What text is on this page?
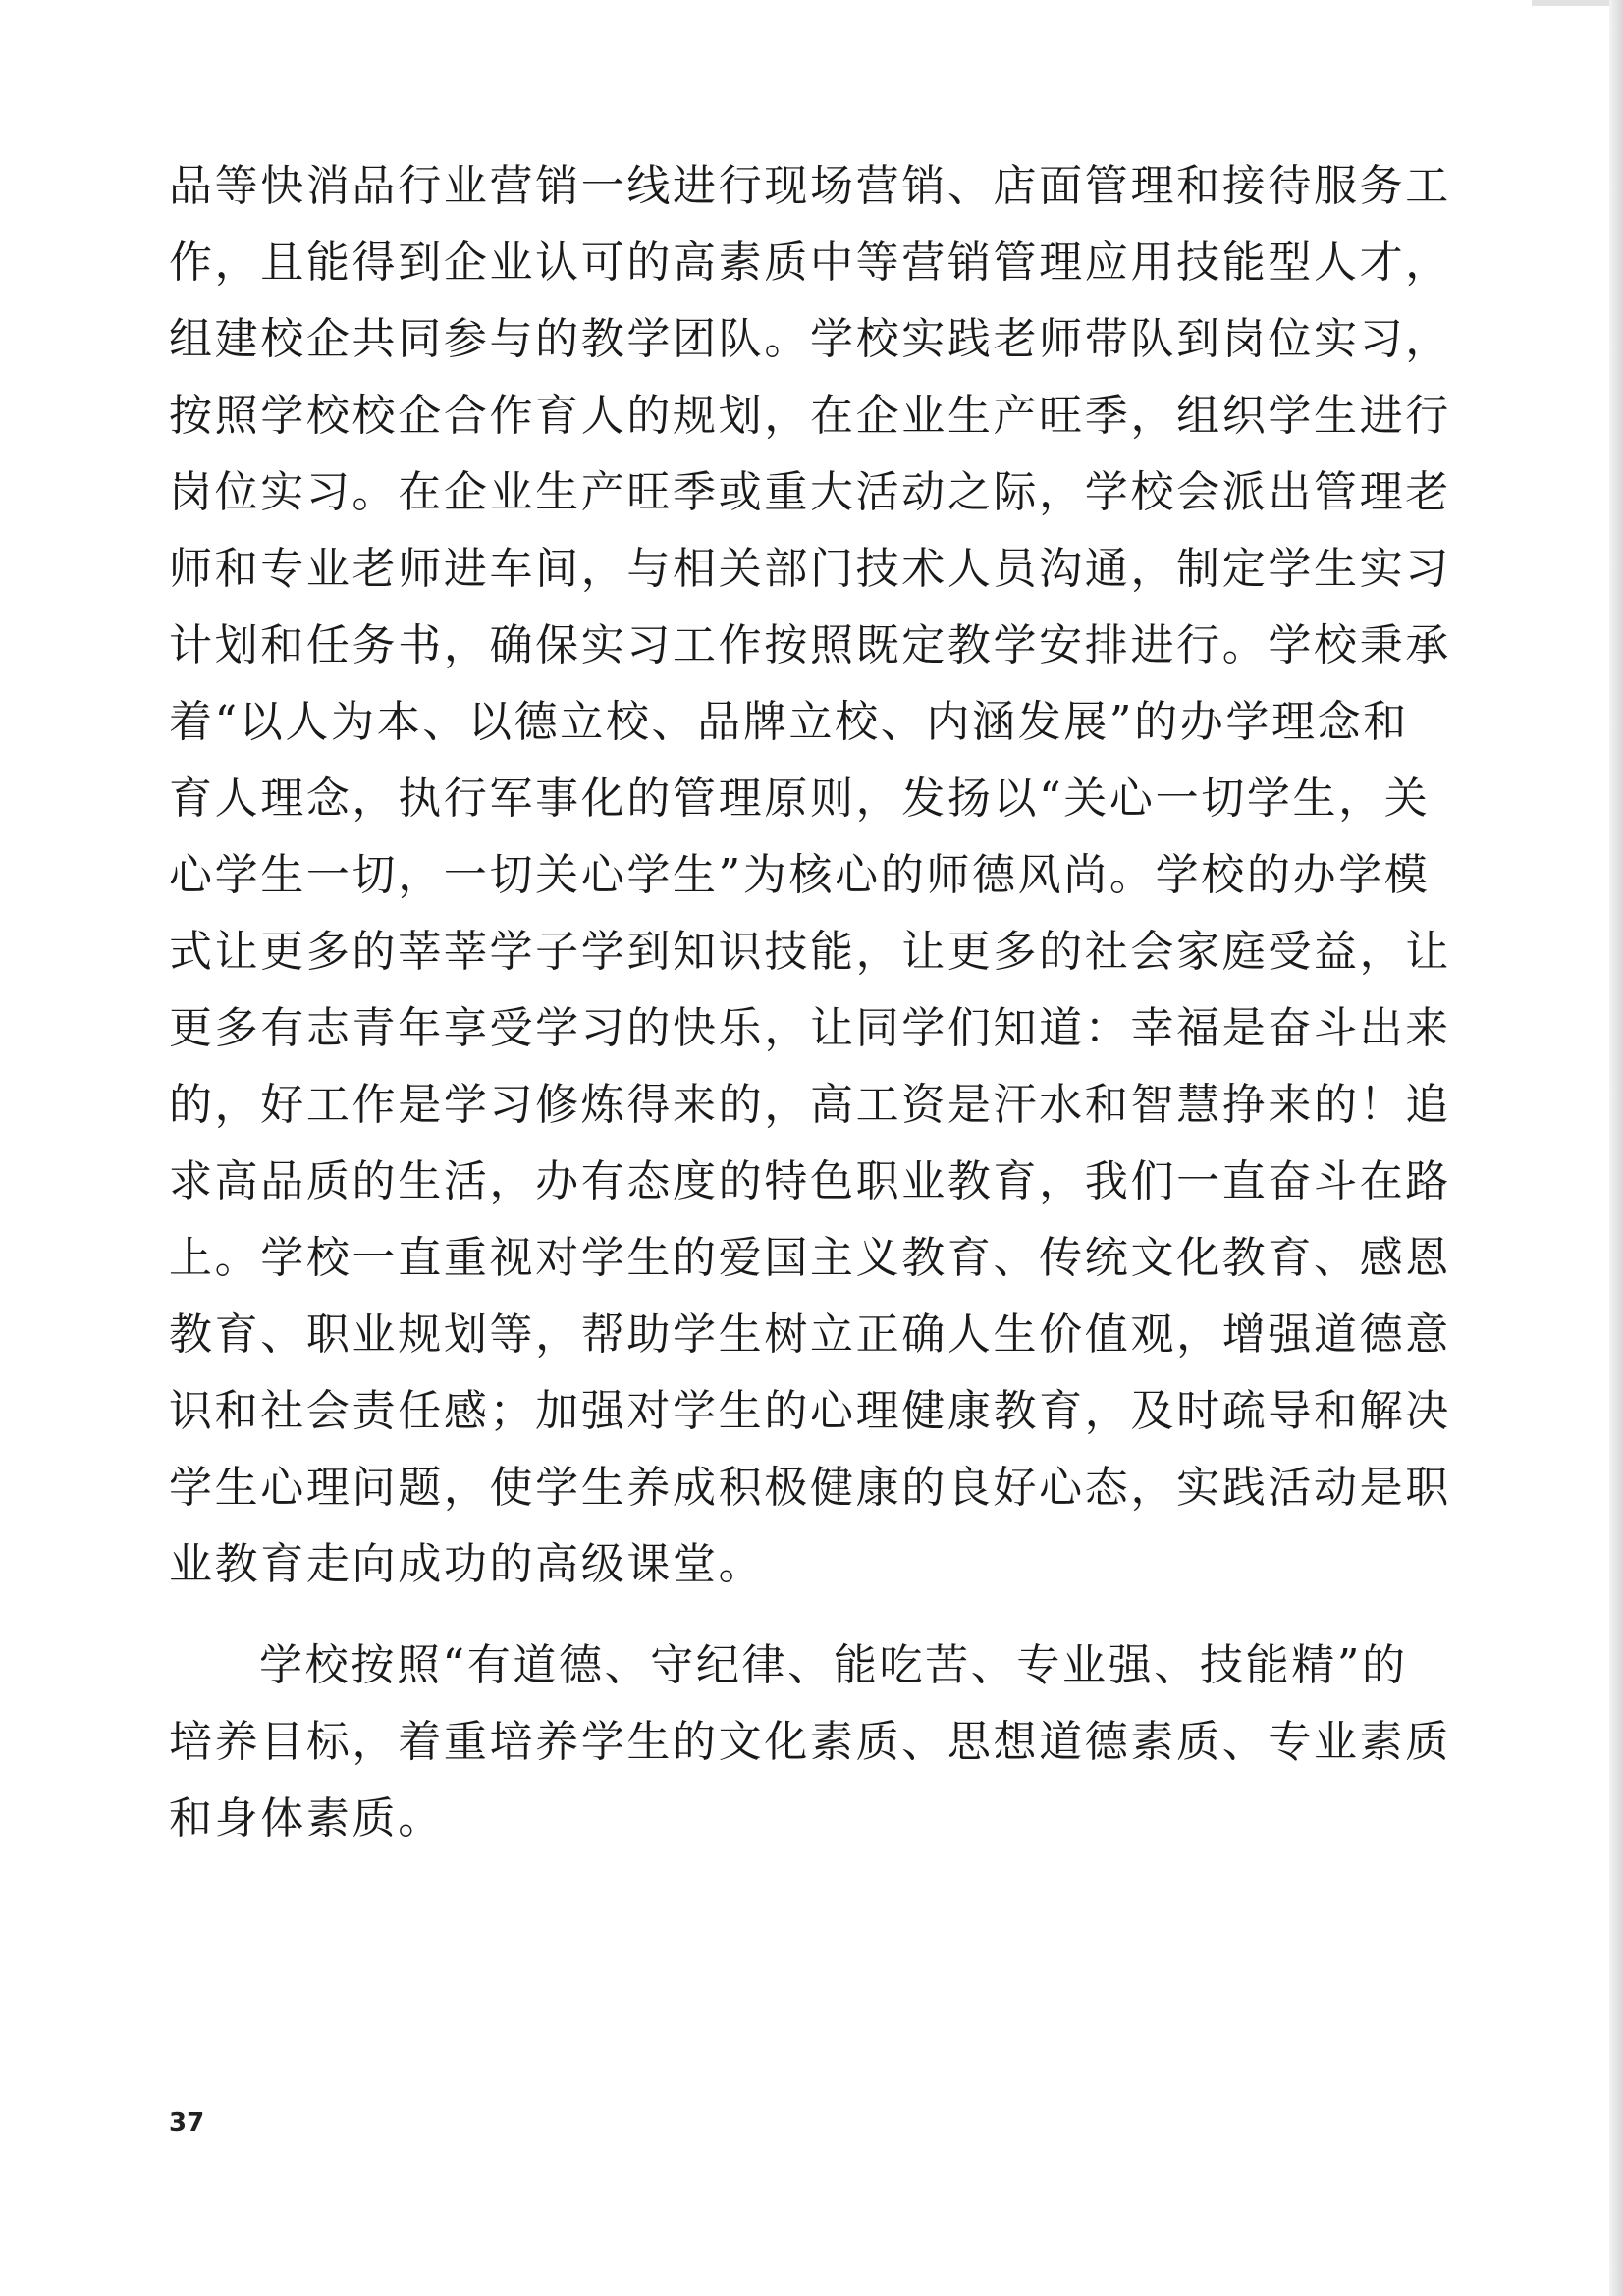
品等快消品行业营销一线进行现场营销、店面管理和接待服务工
作，且能得到企业认可的高素质中等营销管理应用技能型人才，
组建校企共同参与的教学团队。学校实践老师带队到岗位实习，
按照学校校企合作育人的规划，在企业生产旺季，组织学生进行
岗位实习。在企业生产旺季或重大活动之际，学校会派出管理老
师和专业老师进车间，与相关部门技术人员沟通，制定学生实习
计划和任务书，确保实习工作按照既定教学安排进行。学校秉承
着“以人为本、以德立校、品牌立校、内涵发展”的办学理念和
育人理念，执行军事化的管理原则，发扬以“关心一切学生，关
心学生一切，一切关心学生”为核心的师德风尚。学校的办学模
式让更多的莘莘学子学到知识技能，让更多的社会家庭受益，让
更多有志青年享受学习的快乐，让同学们知道：幸福是奋斗出来
的，好工作是学习修炼得来的，高工资是汗水和智慧挣来的！追
求高品质的生活，办有态度的特色职业教育，我们一直奋斗在路
上。学校一直重视对学生的爱国主义教育、传统文化教育、感恩
教育、职业规划等，帮助学生树立正确人生价值观，增强道德意
识和社会责任感；加强对学生的心理健康教育，及时疏导和解决
学生心理问题，使学生养成积极健康的良好心态，实践活动是职
业教育走向成功的高级课堂。
学校按照“有道德、守纪律、能吃苦、专业强、技能精”的
培养目标，着重培养学生的文化素质、思想道德素质、专业素质
和身体素质。
37
